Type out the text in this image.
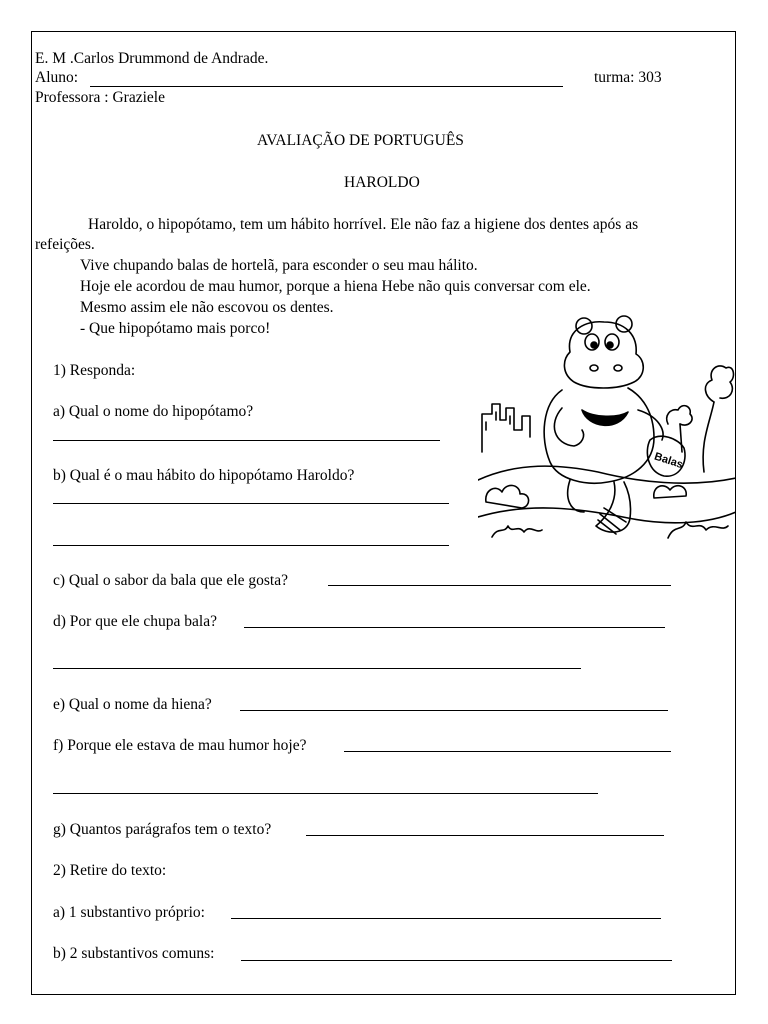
E. M .Carlos Drummond de Andrade.
Aluno:	turma: 303
Professora : Graziele
AVALIAÇÃO DE PORTUGUÊS
HAROLDO
Haroldo, o hipopótamo, tem um hábito horrível. Ele não faz a higiene dos dentes após as
refeições.
Vive chupando balas de hortelã, para esconder o seu mau hálito.
Hoje ele acordou de mau humor, porque a hiena Hebe não quis conversar com ele.
Mesmo assim ele não escovou os dentes.
- Que hipopótamo mais porco!
Balas
1) Responda:
a) Qual o nome do hipopótamo?
b) Qual é o mau hábito do hipopótamo Haroldo?
c) Qual o sabor da bala que ele gosta?
d) Por que ele chupa bala?
e) Qual o nome da hiena?
f) Porque ele estava de mau humor hoje?
g) Quantos parágrafos tem o texto?
2) Retire do texto:
a) 1 substantivo próprio:
b) 2 substantivos comuns:
